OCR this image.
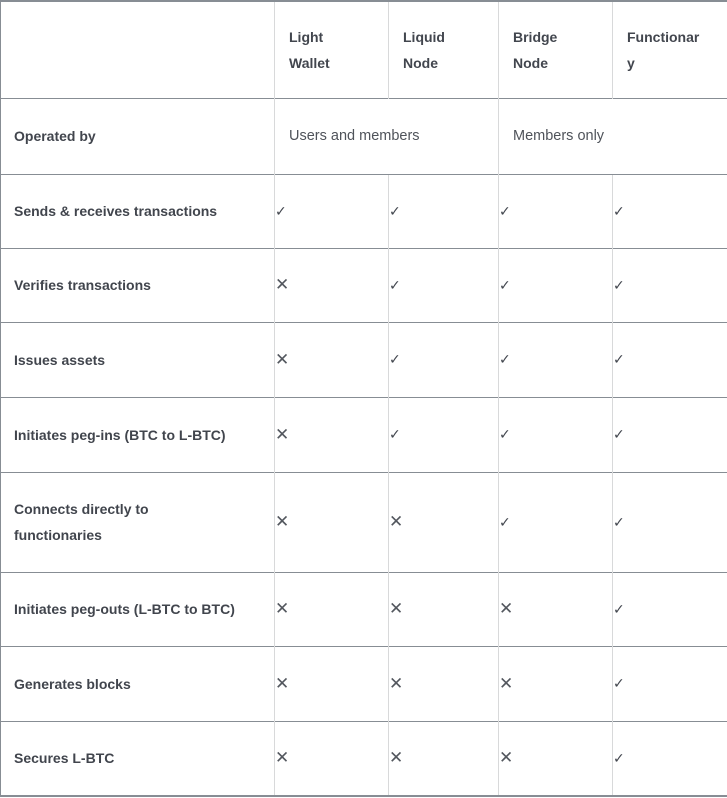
	Light Wallet	Liquid Node	Bridge Node	Functionary

Operated by	Users and members		Members only	

Sends & receives transactions	✓	✓	✓	✓

Verifies transactions	✕	✓	✓	✓

Issues assets	✕	✓	✓	✓

Initiates peg-ins (BTC to L-BTC)	✕	✓	✓	✓

Connects directly to functionaries	✕	✕	✓	✓

Initiates peg-outs (L-BTC to BTC)	✕	✕	✕	✓

Generates blocks	✕	✕	✕	✓

Secures L-BTC	✕	✕	✕	✓
